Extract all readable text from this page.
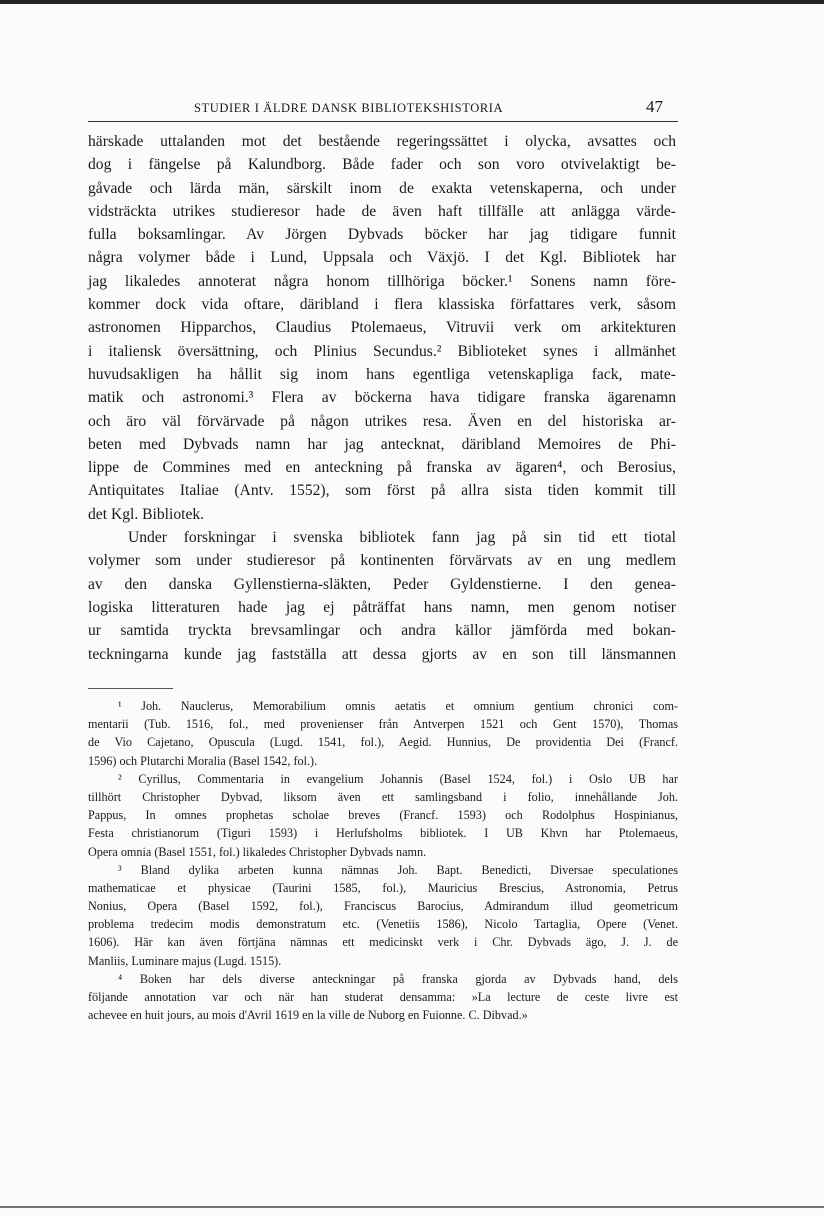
STUDIER I ÄLDRE DANSK BIBLIOTEKSHISTORIA	47
härskade uttalanden mot det bestående regeringssättet i olycka, avsattes och
dog i fängelse på Kalundborg. Både fader och son voro otvivelaktigt be-
gåvade och lärda män, särskilt inom de exakta vetenskaperna, och under
vidsträckta utrikes studieresor hade de även haft tillfälle att anlägga värde-
fulla boksamlingar. Av Jörgen Dybvads böcker har jag tidigare funnit
några volymer både i Lund, Uppsala och Växjö. I det Kgl. Bibliotek har
jag likaledes annoterat några honom tillhöriga böcker.¹ Sonens namn före-
kommer dock vida oftare, däribland i flera klassiska författares verk, såsom
astronomen Hipparchos, Claudius Ptolemaeus, Vitruvii verk om arkitekturen
i italiensk översättning, och Plinius Secundus.² Biblioteket synes i allmänhet
huvudsakligen ha hållit sig inom hans egentliga vetenskapliga fack, mate-
matik och astronomi.³ Flera av böckerna hava tidigare franska ägarenamn
och äro väl förvärvade på någon utrikes resa. Även en del historiska ar-
beten med Dybvads namn har jag antecknat, däribland Memoires de Phi-
lippe de Commines med en anteckning på franska av ägaren⁴, och Berosius,
Antiquitates Italiae (Antv. 1552), som först på allra sista tiden kommit till
det Kgl. Bibliotek.
Under forskningar i svenska bibliotek fann jag på sin tid ett tiotal
volymer som under studieresor på kontinenten förvärvats av en ung medlem
av den danska Gyllenstierna-släkten, Peder Gyldenstierne. I den genea-
logiska litteraturen hade jag ej påträffat hans namn, men genom notiser
ur samtida tryckta brevsamlingar och andra källor jämförda med bokan-
teckningarna kunde jag fastställa att dessa gjorts av en son till länsmannen
¹ Joh. Nauclerus, Memorabilium omnis aetatis et omnium gentium chronici com-
mentarii (Tub. 1516, fol., med provenienser från Antverpen 1521 och Gent 1570), Thomas
de Vio Cajetano, Opuscula (Lugd. 1541, fol.), Aegid. Hunnius, De providentia Dei (Francf.
1596) och Plutarchi Moralia (Basel 1542, fol.).
² Cyrillus, Commentaria in evangelium Johannis (Basel 1524, fol.) i Oslo UB har
tillhört Christopher Dybvad, liksom även ett samlingsband i folio, innehållande Joh.
Pappus, In omnes prophetas scholae breves (Francf. 1593) och Rodolphus Hospinianus,
Festa christianorum (Tiguri 1593) i Herlufsholms bibliotek. I UB Khvn har Ptolemaeus,
Opera omnia (Basel 1551, fol.) likaledes Christopher Dybvads namn.
³ Bland dylika arbeten kunna nämnas Joh. Bapt. Benedicti, Diversae speculationes
mathematicae et physicae (Taurini 1585, fol.), Mauricius Brescius, Astronomia, Petrus
Nonius, Opera (Basel 1592, fol.), Franciscus Barocius, Admirandum illud geometricum
problema tredecim modis demonstratum etc. (Venetiis 1586), Nicolo Tartaglia, Opere (Venet.
1606). Här kan även förtjäna nämnas ett medicinskt verk i Chr. Dybvads ägo, J. J. de
Manliis, Luminare majus (Lugd. 1515).
⁴ Boken har dels diverse anteckningar på franska gjorda av Dybvads hand, dels
följande annotation var och när han studerat densamma: »La lecture de ceste livre est
achevee en huit jours, au mois d'Avril 1619 en la ville de Nuborg en Fuionne. C. Dibvad.»
